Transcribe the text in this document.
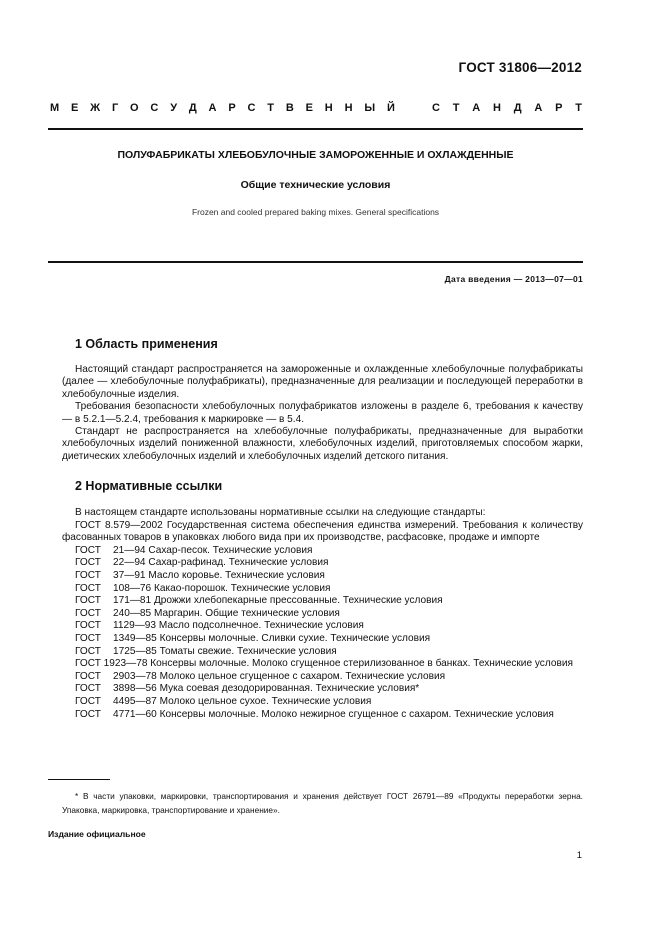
ГОСТ 31806—2012
М Е Ж Г О С У Д А Р С Т В Е Н Н Ы Й	С Т А Н Д А Р Т
ПОЛУФАБРИКАТЫ ХЛЕБОБУЛОЧНЫЕ ЗАМОРОЖЕННЫЕ И ОХЛАЖДЕННЫЕ
Общие технические условия
Frozen and cooled prepared baking mixes. General specifications
Дата введения — 2013—07—01
1 Область применения

Настоящий стандарт распространяется на замороженные и охлажденные хлебобулочные полуфабрикаты (далее — хлебобулочные полуфабрикаты), предназначенные для реализации и последующей переработки в хлебобулочные изделия.

Требования безопасности хлебобулочных полуфабрикатов изложены в разделе 6, требования к качеству — в 5.2.1—5.2.4, требования к маркировке — в 5.4.

Стандарт не распространяется на хлебобулочные полуфабрикаты, предназначенные для выработки хлебобулочных изделий пониженной влажности, хлебобулочных изделий, приготовляемых способом жарки, диетических хлебобулочных изделий и хлебобулочных изделий детского питания.

2 Нормативные ссылки
В настоящем стандарте использованы нормативные ссылки на следующие стандарты:
ГОСТ 8.579—2002 Государственная система обеспечения единства измерений. Требования к количеству фасованных товаров в упаковках любого вида при их производстве, расфасовке, продаже и импорте
ГОСТ	21—94 Сахар-песок. Технические условия
ГОСТ	22—94 Сахар-рафинад. Технические условия
ГОСТ	37—91 Масло коровье. Технические условия
ГОСТ	108—76 Какао-порошок. Технические условия
ГОСТ	171—81 Дрожжи хлебопекарные прессованные. Технические условия
ГОСТ	240—85 Маргарин. Общие технические условия
ГОСТ	1129—93 Масло подсолнечное. Технические условия
ГОСТ	1349—85 Консервы молочные. Сливки сухие. Технические условия
ГОСТ	1725—85 Томаты свежие. Технические условия
ГОСТ 1923—78 Консервы молочные. Молоко сгущенное стерилизованное в банках. Технические условия
ГОСТ	2903—78 Молоко цельное сгущенное с сахаром. Технические условия
ГОСТ	3898—56 Мука соевая дезодорированная. Технические условия*
ГОСТ	4495—87 Молоко цельное сухое. Технические условия
ГОСТ	4771—60 Консервы молочные. Молоко нежирное сгущенное с сахаром. Технические условия

* В части упаковки, маркировки, транспортирования и хранения действует ГОСТ 26791—89 «Продукты переработки зерна. Упаковка, маркировка, транспортирование и хранение».

Издание официальное
1
